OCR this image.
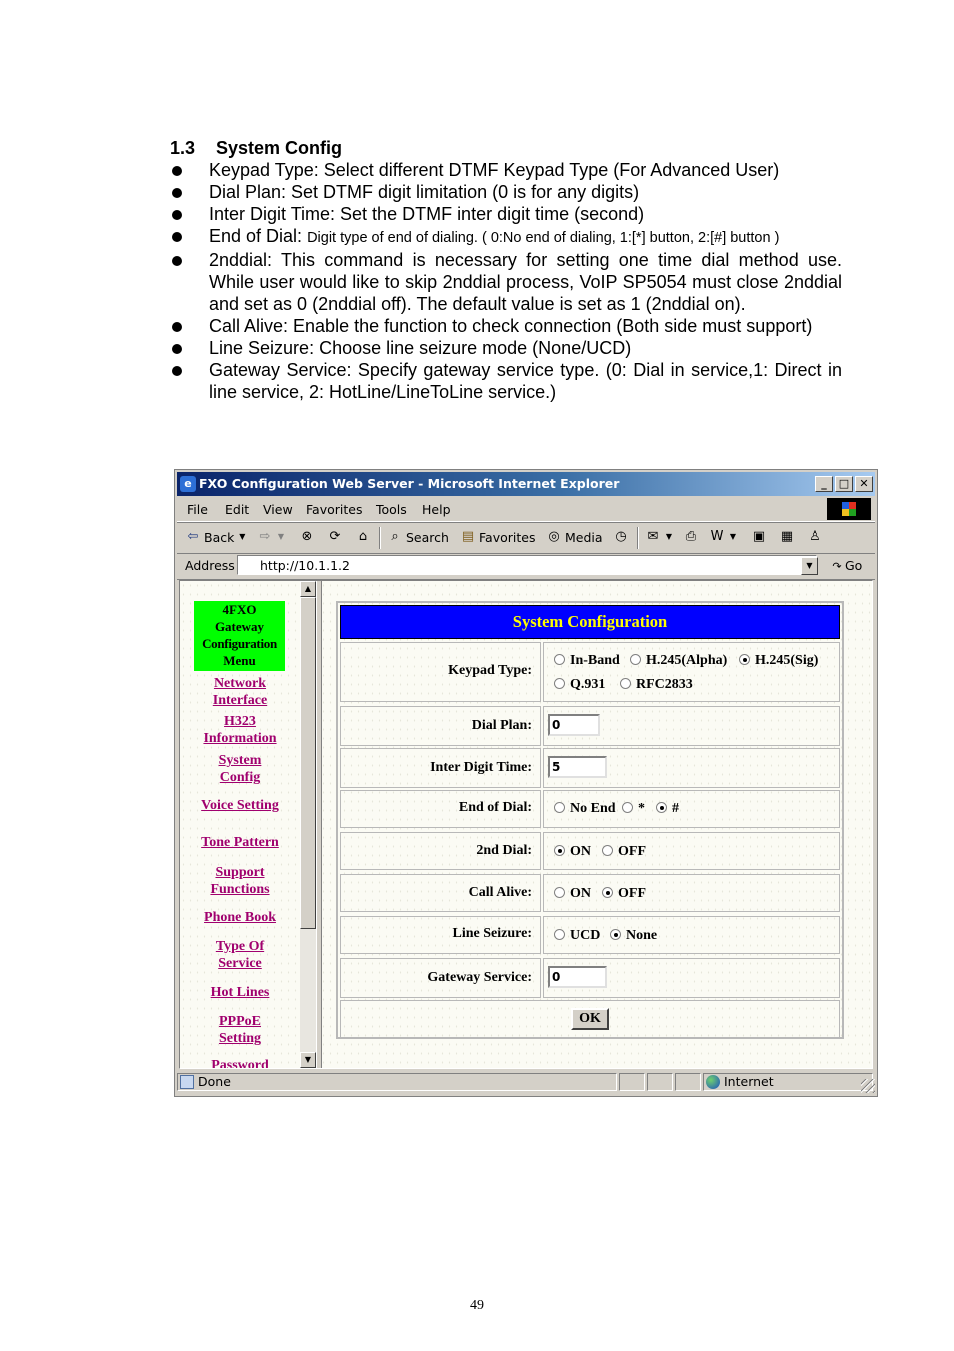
1.3 System Config
Keypad Type: Select different DTMF Keypad Type (For Advanced User)
Dial Plan: Set DTMF digit limitation (0 is for any digits)
Inter Digit Time: Set the DTMF inter digit time (second)
End of Dial: Digit type of end of dialing. ( 0:No end of dialing, 1:[*] button, 2:[#] button )
2nddial: This command is necessary for setting one time dial method use. While user would like to skip 2nddial process, VoIP SP5054 must close 2nddial and set as 0 (2nddial off). The default value is set as 1 (2nddial on).
Call Alive: Enable the function to check connection (Both side must support)
Line Seizure: Choose line seizure mode (None/UCD)
Gateway Service: Specify gateway service type. (0: Dial in service,1: Direct in line service, 2: HotLine/LineToLine service.)
e FXO Configuration Web Server - Microsoft Internet Explorer	_	□ ✕
File Edit View Favorites Tools Help
⇦ Back ▼ ⇨ ▼ ⊗ ⟳ ⌂	⌕ Search ▤ Favorites ◎ Media ◷ ✉ ▼ ⎙ W ▼ ▣ ▦ ♙
Address	http://10.1.1.2	▼	↷ Go
4FXO
Gateway
Configuration
Menu
Network
Interface
H323
Information
System
Config
Voice Setting
Tone Pattern
Support
Functions
Phone Book
Type Of
Service
Hot Lines
PPPoE
Setting
Password
▲
▼
System Configuration
Keypad Type:
In-Band	H.245(Alpha)	H.245(Sig)
Q.931	RFC2833
Dial Plan:	0
Inter Digit Time:	5
End of Dial:	No End	*	#
2nd Dial:	ON	OFF
Call Alive:	ON	OFF
Line Seizure:	UCD	None
Gateway Service:	0
OK
Done	Internet
49
